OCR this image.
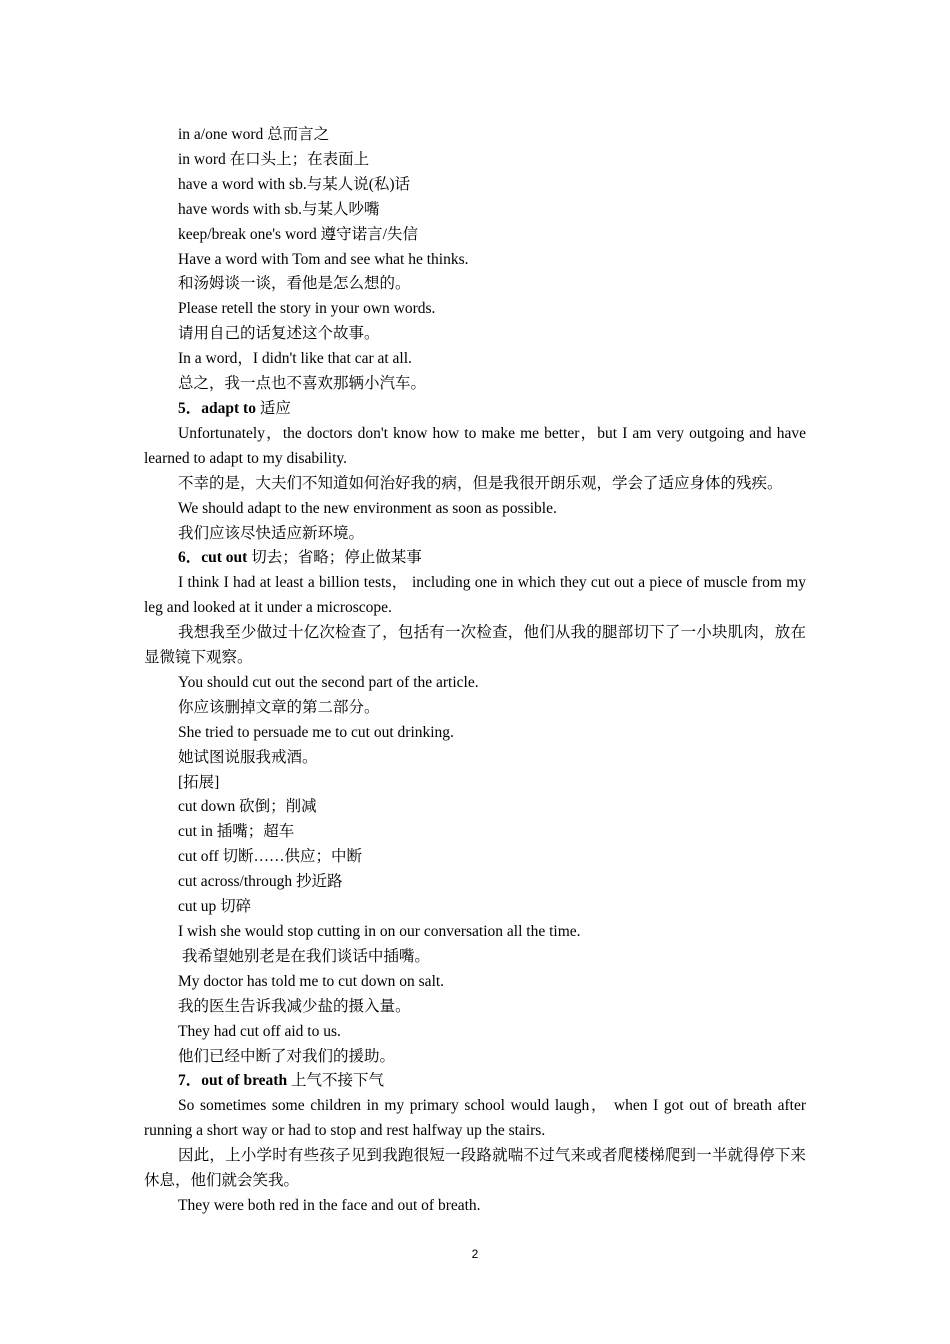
in a/one word 总而言之
in word 在口头上；在表面上
have a word with sb.与某人说(私)话
have words with sb.与某人吵嘴
keep/break one's word 遵守诺言/失信
Have a word with Tom and see what he thinks.
和汤姆谈一谈，看他是怎么想的。
Please retell the story in your own words.
请用自己的话复述这个故事。
In a word，I didn't like that car at all.
总之，我一点也不喜欢那辆小汽车。
5．adapt to 适应
Unfortunately，the doctors don't know how to make me better，but I am very outgoing and have learned to adapt to my disability.
不幸的是，大夫们不知道如何治好我的病，但是我很开朗乐观，学会了适应身体的残疾。
We should adapt to the new environment as soon as possible.
我们应该尽快适应新环境。
6．cut out 切去；省略；停止做某事
I think I had at least a billion tests， including one in which they cut out a piece of muscle from my leg and looked at it under a microscope.
我想我至少做过十亿次检查了，包括有一次检查，他们从我的腿部切下了一小块肌肉，放在显微镜下观察。
You should cut out the second part of the article.
你应该删掉文章的第二部分。
She tried to persuade me to cut out drinking.
她试图说服我戒酒。
[拓展]
cut down 砍倒；削减
cut in 插嘴；超车
cut off 切断……供应；中断
cut across/through 抄近路
cut up 切碎
I wish she would stop cutting in on our conversation all the time.
我希望她别老是在我们谈话中插嘴。
My doctor has told me to cut down on salt.
我的医生告诉我减少盐的摄入量。
They had cut off aid to us.
他们已经中断了对我们的援助。
7．out of breath 上气不接下气
So sometimes some children in my primary school would laugh， when I got out of breath after running a short way or had to stop and rest halfway up the stairs.
因此，上小学时有些孩子见到我跑很短一段路就喘不过气来或者爬楼梯爬到一半就得停下来休息，他们就会笑我。
They were both red in the face and out of breath.
2
